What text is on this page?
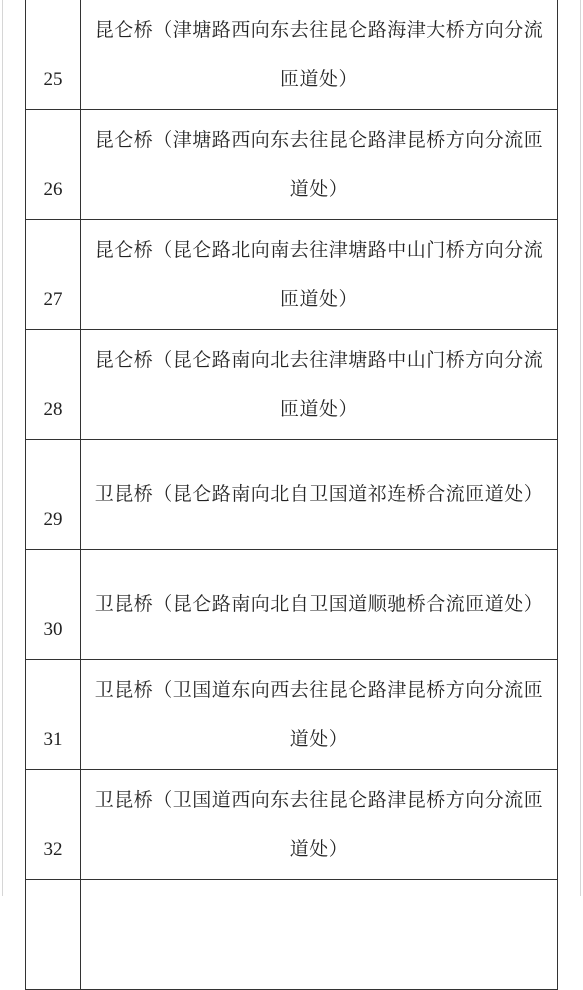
25	昆仑桥（津塘路西向东去往昆仑路海津大桥方向分流匝道处）
26	昆仑桥（津塘路西向东去往昆仑路津昆桥方向分流匝道处）
27	昆仑桥（昆仑路北向南去往津塘路中山门桥方向分流匝道处）
28	昆仑桥（昆仑路南向北去往津塘路中山门桥方向分流匝道处）
29	卫昆桥（昆仑路南向北自卫国道祁连桥合流匝道处）
30	卫昆桥（昆仑路南向北自卫国道顺驰桥合流匝道处）
31	卫昆桥（卫国道东向西去往昆仑路津昆桥方向分流匝道处）
32	卫昆桥（卫国道西向东去往昆仑路津昆桥方向分流匝道处）
